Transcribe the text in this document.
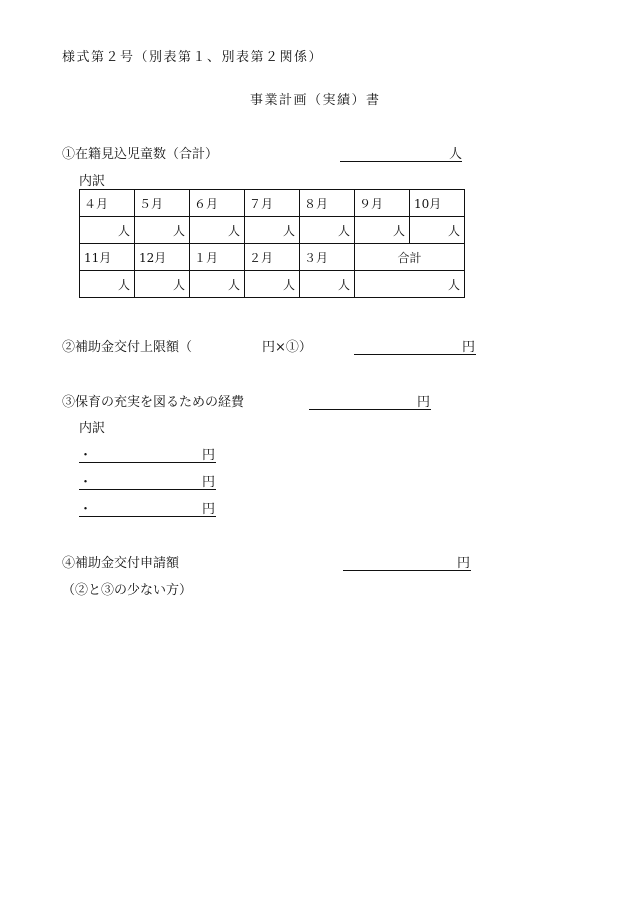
様式第２号（別表第１、別表第２関係）
事業計画（実績）書
①在籍見込児童数（合計）	人
内訳
４月	５月	６月	７月	８月	９月	10月
人	人	人	人	人	人	人
11月	12月	１月	２月	３月	合計	
人	人	人	人	人	人	
②補助金交付上限額（	円×①）	円
③保育の充実を図るための経費	円
内訳
・	円
・	円
・	円
④補助金交付申請額	円
（②と③の少ない方）
